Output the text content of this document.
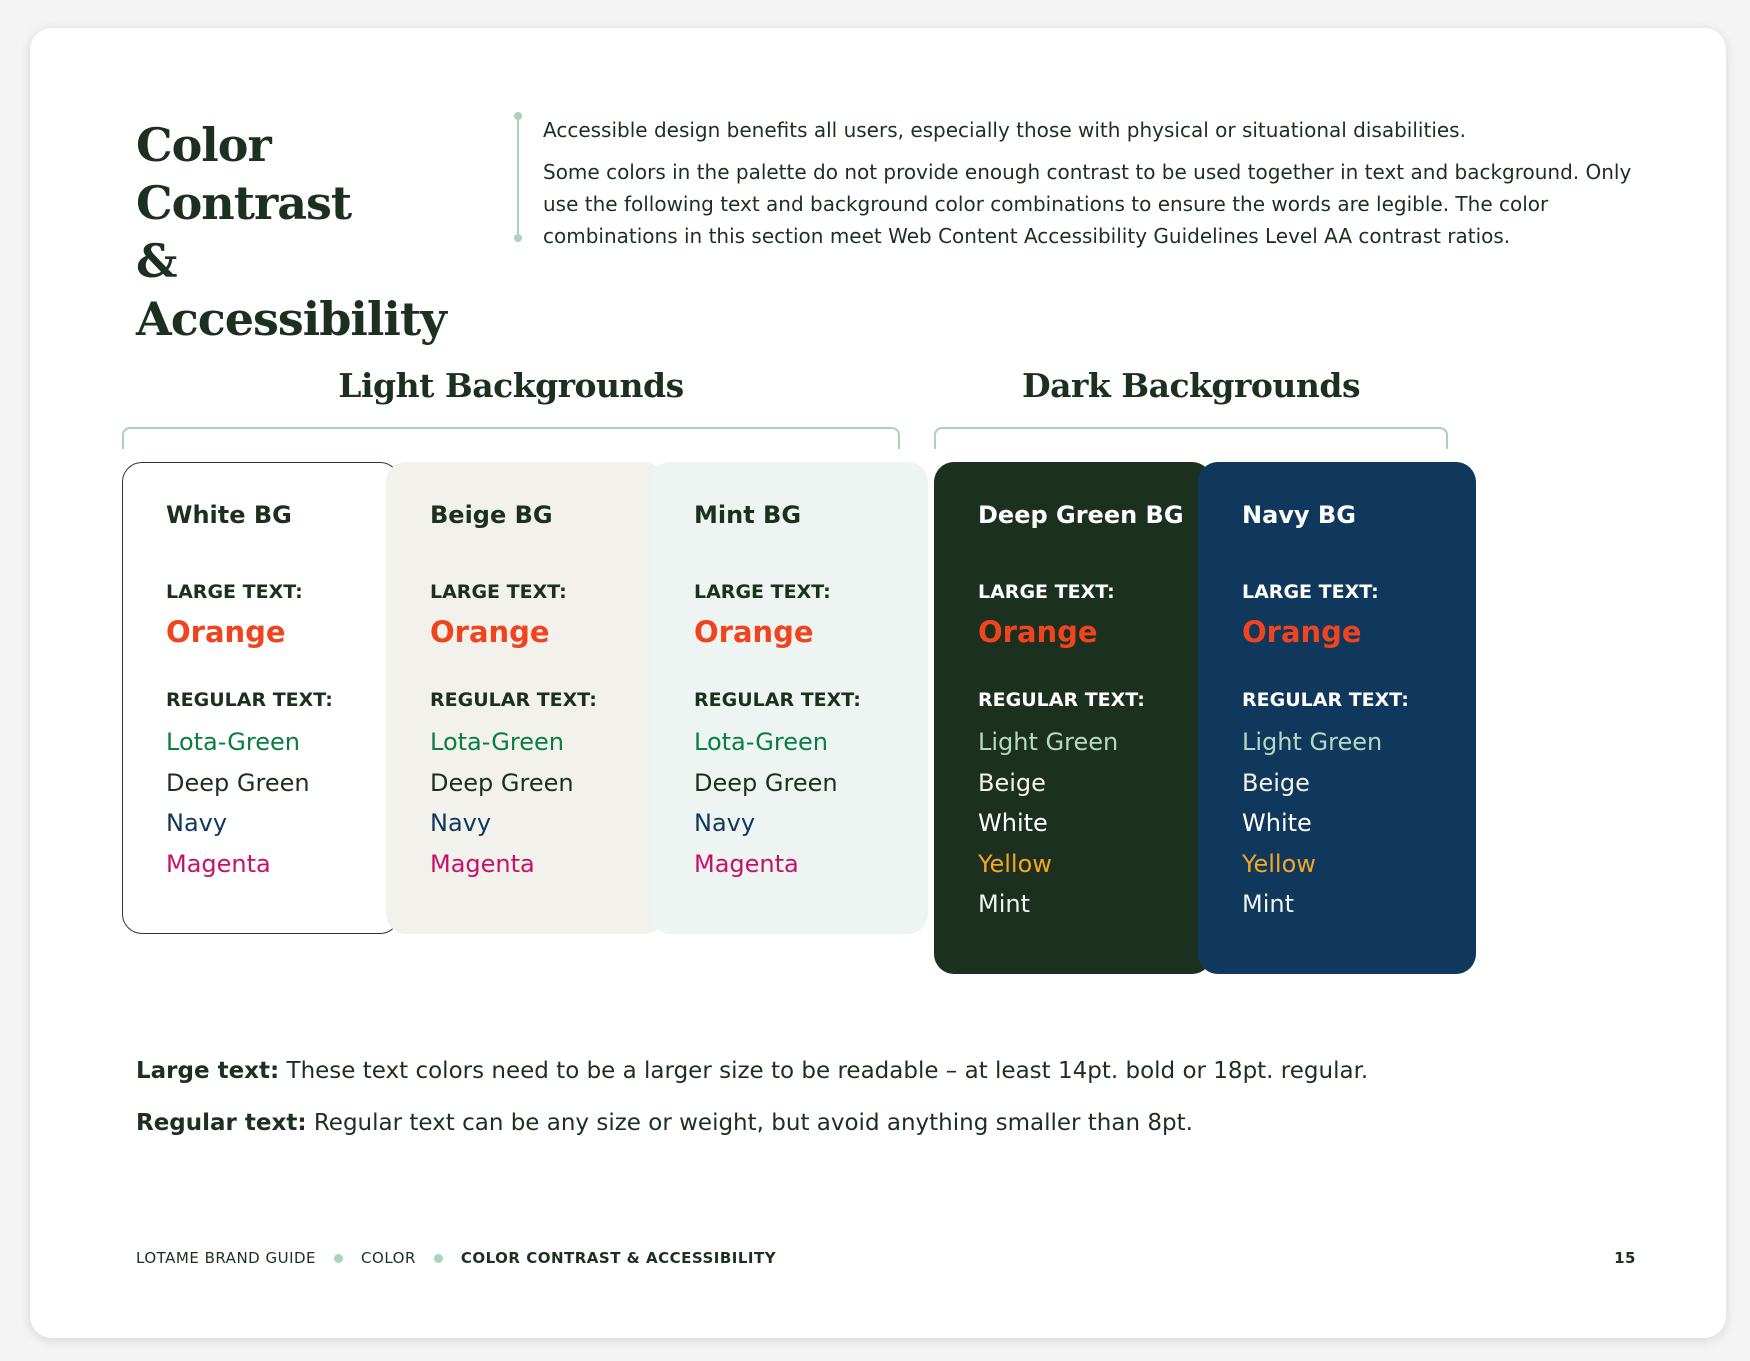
Color Contrast
& Accessibility

Accessible design benefits all users, especially those with physical or situational disabilities.

Some colors in the palette do not provide enough contrast to be used together in text and background. Only use the following text and background color combinations to ensure the words are legible. The color combinations in this section meet Web Content Accessibility Guidelines Level AA contrast ratios.

Light Backgrounds	Dark Backgrounds
White BG
LARGE TEXT:
Orange
REGULAR TEXT:
Lota-Green
Deep Green
Navy
Magenta
Beige BG
LARGE TEXT:
Orange
REGULAR TEXT:
Lota-Green
Deep Green
Navy
Magenta
Mint BG
LARGE TEXT:
Orange
REGULAR TEXT:
Lota-Green
Deep Green
Navy
Magenta
Deep Green BG
LARGE TEXT:
Orange
REGULAR TEXT:
Light Green
Beige
White
Yellow
Mint
Navy BG
LARGE TEXT:
Orange
REGULAR TEXT:
Light Green
Beige
White
Yellow
Mint

Large text: These text colors need to be a larger size to be readable – at least 14pt. bold or 18pt. regular.

Regular text: Regular text can be any size or weight, but avoid anything smaller than 8pt.

LOTAME BRAND GUIDE	COLOR	COLOR CONTRAST & ACCESSIBILITY	15
